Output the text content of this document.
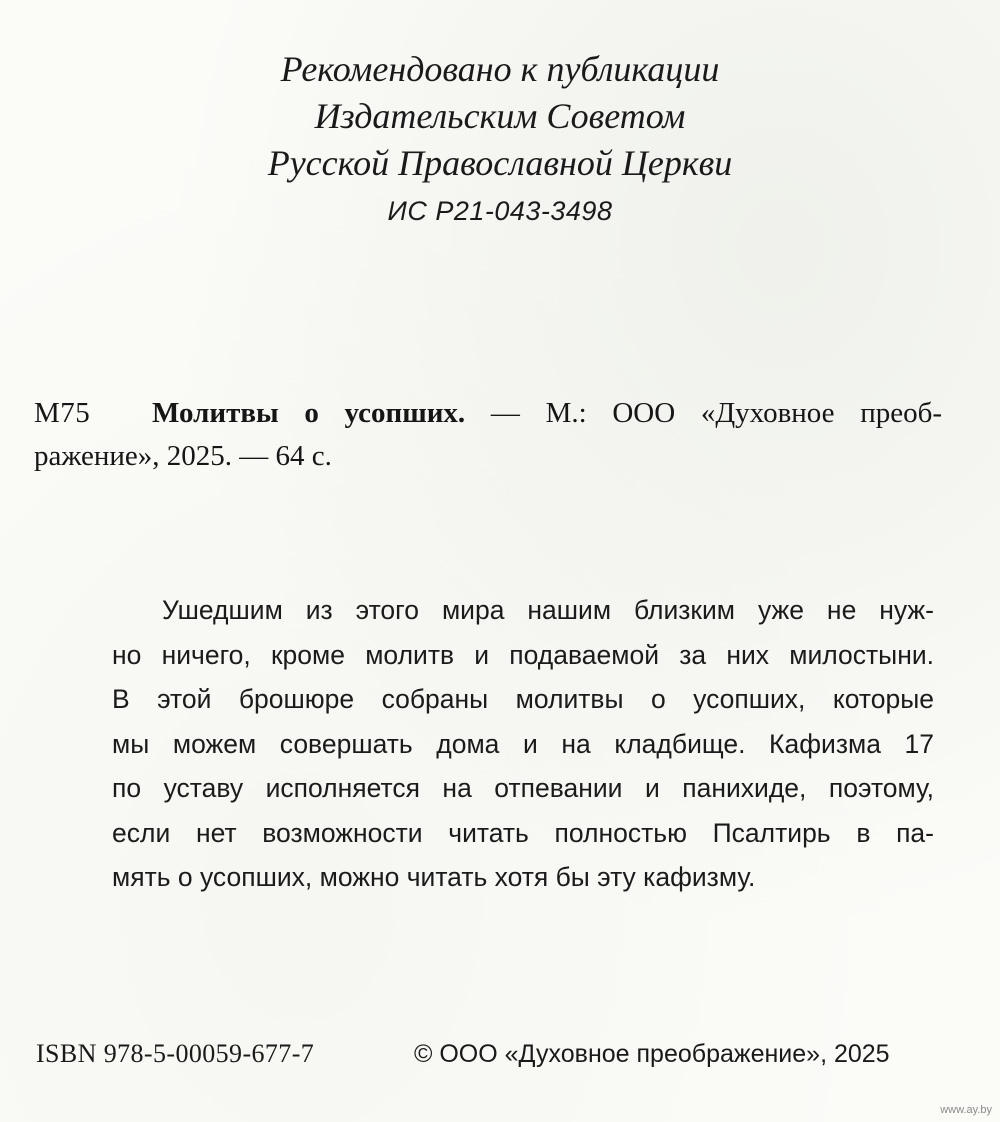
Рекомендовано к публикации
Издательским Советом
Русской Православной Церкви
ИС Р21-043-3498
М75 Молитвы о усопших. — М.: ООО «Духовное преоб-
ражение», 2025. — 64 с.
Ушедшим из этого мира нашим близким уже не нуж-
но ничего, кроме молитв и подаваемой за них милостыни.
В этой брошюре собраны молитвы о усопших, которые
мы можем совершать дома и на кладбище. Кафизма 17
по уставу исполняется на отпевании и панихиде, поэтому,
если нет возможности читать полностью Псалтирь в па-
мять о усопших, можно читать хотя бы эту кафизму.
ISBN 978-5-00059-677-7	© ООО «Духовное преображение», 2025
www.ay.by
